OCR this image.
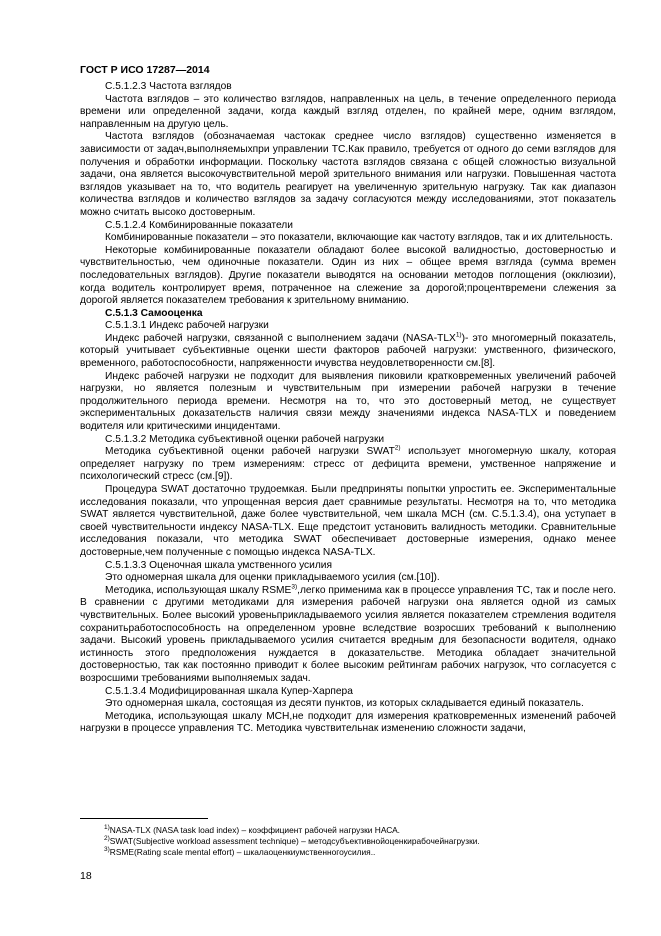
ГОСТ Р ИСО 17287—2014

С.5.1.2.3 Частота взглядов

Частота взглядов – это количество взглядов, направленных на цель, в течение определенного периода времени или определенной задачи, когда каждый взгляд отделен, по крайней мере, одним взглядом, направленным на другую цель.

Частота взглядов (обозначаемая частокак среднее число взглядов) существенно изменяется в зависимости от задач,выполняемыхпри управлении ТС.Как правило, требуется от одного до семи взглядов для получения и обработки информации. Поскольку частота взглядов связана с общей сложностью визуальной задачи, она является высокочувствительной мерой зрительного внимания или нагрузки. Повышенная частота взглядов указывает на то, что водитель реагирует на увеличенную зрительную нагрузку. Так как диапазон количества взглядов и количество взглядов за задачу согласуются между исследованиями, этот показатель можно считать высоко достоверным.

С.5.1.2.4 Комбинированные показатели

Комбинированные показатели – это показатели, включающие как частоту взглядов, так и их длительность.

Некоторые комбинированные показатели обладают более высокой валидностью, достоверностью и чувствительностью, чем одиночные показатели. Один из них – общее время взгляда (сумма времен последовательных взглядов). Другие показатели выводятся на основании методов поглощения (окклюзии), когда водитель контролирует время, потраченное на слежение за дорогой;процентвремени слежения за дорогой является показателем требования к зрительному вниманию.

С.5.1.3 Самооценка

С.5.1.3.1 Индекс рабочей нагрузки

Индекс рабочей нагрузки, связанной с выполнением задачи (NASA-TLX$^{1)}$)- это многомерный показатель, который учитывает субъективные оценки шести факторов рабочей нагрузки: умственного, физического, временного, работоспособности, напряженности ичувства неудовлетворенности см.[8].

Индекс рабочей нагрузки не подходит для выявления пиковили кратковременных увеличений рабочей нагрузки, но является полезным и чувствительным при измерении рабочей нагрузки в течение продолжительного периода времени. Несмотря на то, что это достоверный метод, не существует экспериментальных доказательств наличия связи между значениями индекса NASA-TLX и поведением водителя или критическими инцидентами.

С.5.1.3.2 Методика субъективной оценки рабочей нагрузки

Методика субъективной оценки рабочей нагрузки SWAT$^{2)}$ использует многомерную шкалу, которая определяет нагрузку по трем измерениям: стресс от дефицита времени, умственное напряжение и психологический стресс (см.[9]).

Процедура SWAT достаточно трудоемкая. Были предприняты попытки упростить ее. Экспериментальные исследования показали, что упрощенная версия дает сравнимые результаты. Несмотря на то, что методика SWAT является чувствительной, даже более чувствительной, чем шкала МСН (см. С.5.1.3.4), она уступает в своей чувствительности индексу NASA-TLX. Еще предстоит установить валидность методики. Сравнительные исследования показали, что методика SWAT обеспечивает достоверные измерения, однако менее достоверные,чем полученные с помощью индекса NASA-TLX.

С.5.1.3.3 Оценочная шкала умственного усилия

Это одномерная шкала для оценки прикладываемого усилия (см.[10]).

Методика, использующая шкалу RSME$^{3)}$,легко применима как в процессе управления ТС, так и после него. В сравнении с другими методиками для измерения рабочей нагрузки она является одной из самых чувствительных. Более высокий уровеньприкладываемого усилия является показателем стремления водителя сохранитьработоспособность на определенном уровне вследствие возросших требований к выполнению задачи. Высокий уровень прикладываемого усилия считается вредным для безопасности водителя, однако истинность этого предположения нуждается в доказательстве. Методика обладает значительной достоверностью, так как постоянно приводит к более высоким рейтингам рабочих нагрузок, что согласуется с возросшими требованиями выполняемых задач.

С.5.1.3.4 Модифицированная шкала Купер-Харпера

Это одномерная шкала, состоящая из десяти пунктов, из которых складывается единый показатель.

Методика, использующая шкалу МСН,не подходит для измерения кратковременных изменений рабочей нагрузки в процессе управления ТС. Методика чувствительнак изменению сложности задачи,

$^{1)}$NASA-TLX (NASA task load index) – коэффициент рабочей нагрузки НАСА.
$^{2)}$SWAT(Subjective workload assessment technique) – методсубъективнойоценкирабочейнагрузки.
$^{3)}$RSME(Rating scale mental effort) – шкалаоценкиумственногоусилия..
18
